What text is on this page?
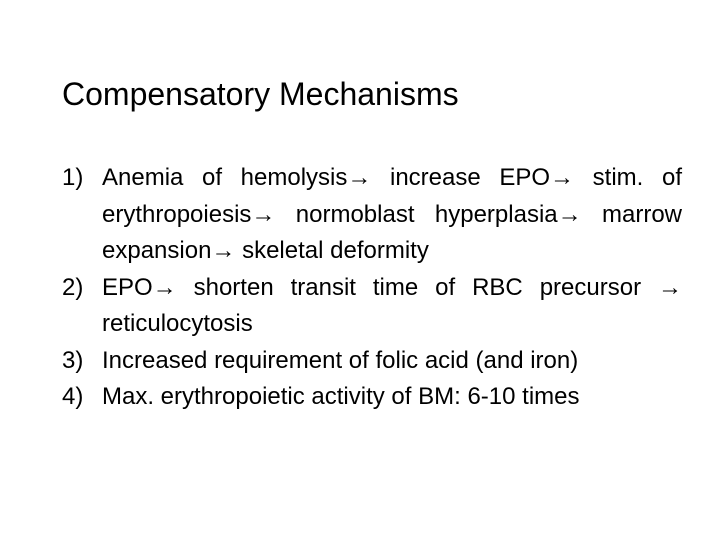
Compensatory Mechanisms
1) Anemia of hemolysis→ increase EPO→ stim. of erythropoiesis→ normoblast hyperplasia→ marrow expansion→ skeletal deformity
2) EPO→ shorten transit time of RBC precursor → reticulocytosis
3) Increased requirement of folic acid (and iron)
4) Max. erythropoietic activity of BM: 6-10 times
